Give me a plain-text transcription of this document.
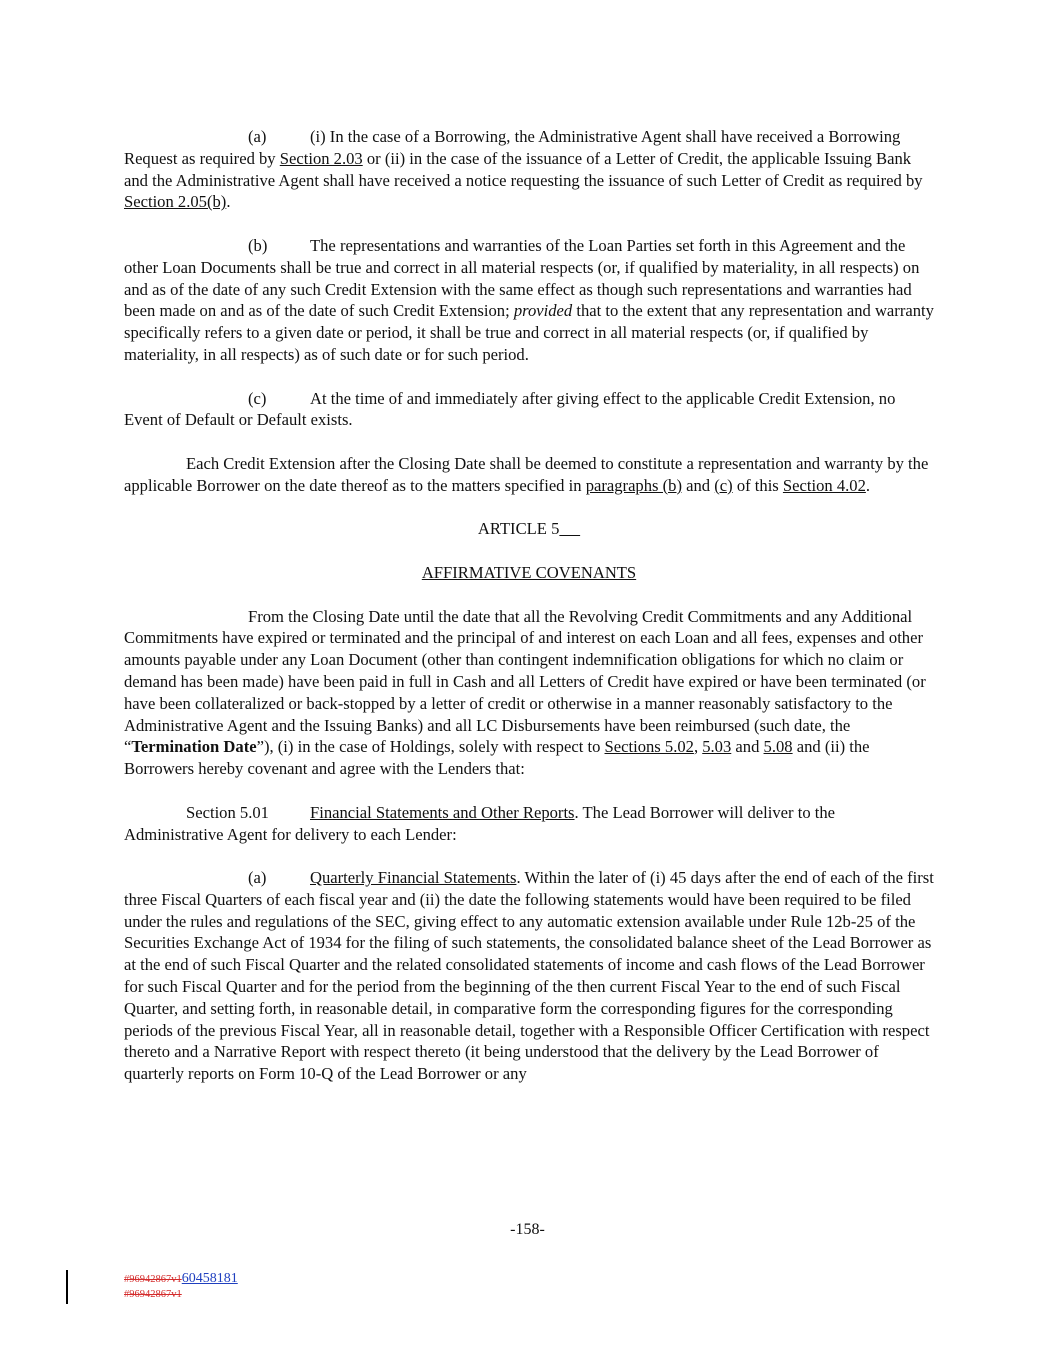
(a)	(i) In the case of a Borrowing, the Administrative Agent shall have received a Borrowing Request as required by Section 2.03 or (ii) in the case of the issuance of a Letter of Credit, the applicable Issuing Bank and the Administrative Agent shall have received a notice requesting the issuance of such Letter of Credit as required by Section 2.05(b).

(b)	The representations and warranties of the Loan Parties set forth in this Agreement and the other Loan Documents shall be true and correct in all material respects (or, if qualified by materiality, in all respects) on and as of the date of any such Credit Extension with the same effect as though such representations and warranties had been made on and as of the date of such Credit Extension; provided that to the extent that any representation and warranty specifically refers to a given date or period, it shall be true and correct in all material respects (or, if qualified by materiality, in all respects) as of such date or for such period.

(c)	At the time of and immediately after giving effect to the applicable Credit Extension, no Event of Default or Default exists.

Each Credit Extension after the Closing Date shall be deemed to constitute a representation and warranty by the applicable Borrower on the date thereof as to the matters specified in paragraphs (b) and (c) of this Section 4.02.

ARTICLE 5

AFFIRMATIVE COVENANTS

From the Closing Date until the date that all the Revolving Credit Commitments and any Additional Commitments have expired or terminated and the principal of and interest on each Loan and all fees, expenses and other amounts payable under any Loan Document (other than contingent indemnification obligations for which no claim or demand has been made) have been paid in full in Cash and all Letters of Credit have expired or have been terminated (or have been collateralized or back-stopped by a letter of credit or otherwise in a manner reasonably satisfactory to the Administrative Agent and the Issuing Banks) and all LC Disbursements have been reimbursed (such date, the “Termination Date”), (i) in the case of Holdings, solely with respect to Sections 5.02, 5.03 and 5.08 and (ii) the Borrowers hereby covenant and agree with the Lenders that:

Section 5.01 Financial Statements and Other Reports. The Lead Borrower will deliver to the Administrative Agent for delivery to each Lender:

(a)	Quarterly Financial Statements. Within the later of (i) 45 days after the end of each of the first three Fiscal Quarters of each fiscal year and (ii) the date the following statements would have been required to be filed under the rules and regulations of the SEC, giving effect to any automatic extension available under Rule 12b-25 of the Securities Exchange Act of 1934 for the filing of such statements, the consolidated balance sheet of the Lead Borrower as at the end of such Fiscal Quarter and the related consolidated statements of income and cash flows of the Lead Borrower for such Fiscal Quarter and for the period from the beginning of the then current Fiscal Year to the end of such Fiscal Quarter, and setting forth, in reasonable detail, in comparative form the corresponding figures for the corresponding periods of the previous Fiscal Year, all in reasonable detail, together with a Responsible Officer Certification with respect thereto and a Narrative Report with respect thereto (it being understood that the delivery by the Lead Borrower of quarterly reports on Form 10-Q of the Lead Borrower or any

-158-
#96942867v160458181
#96942867v1
